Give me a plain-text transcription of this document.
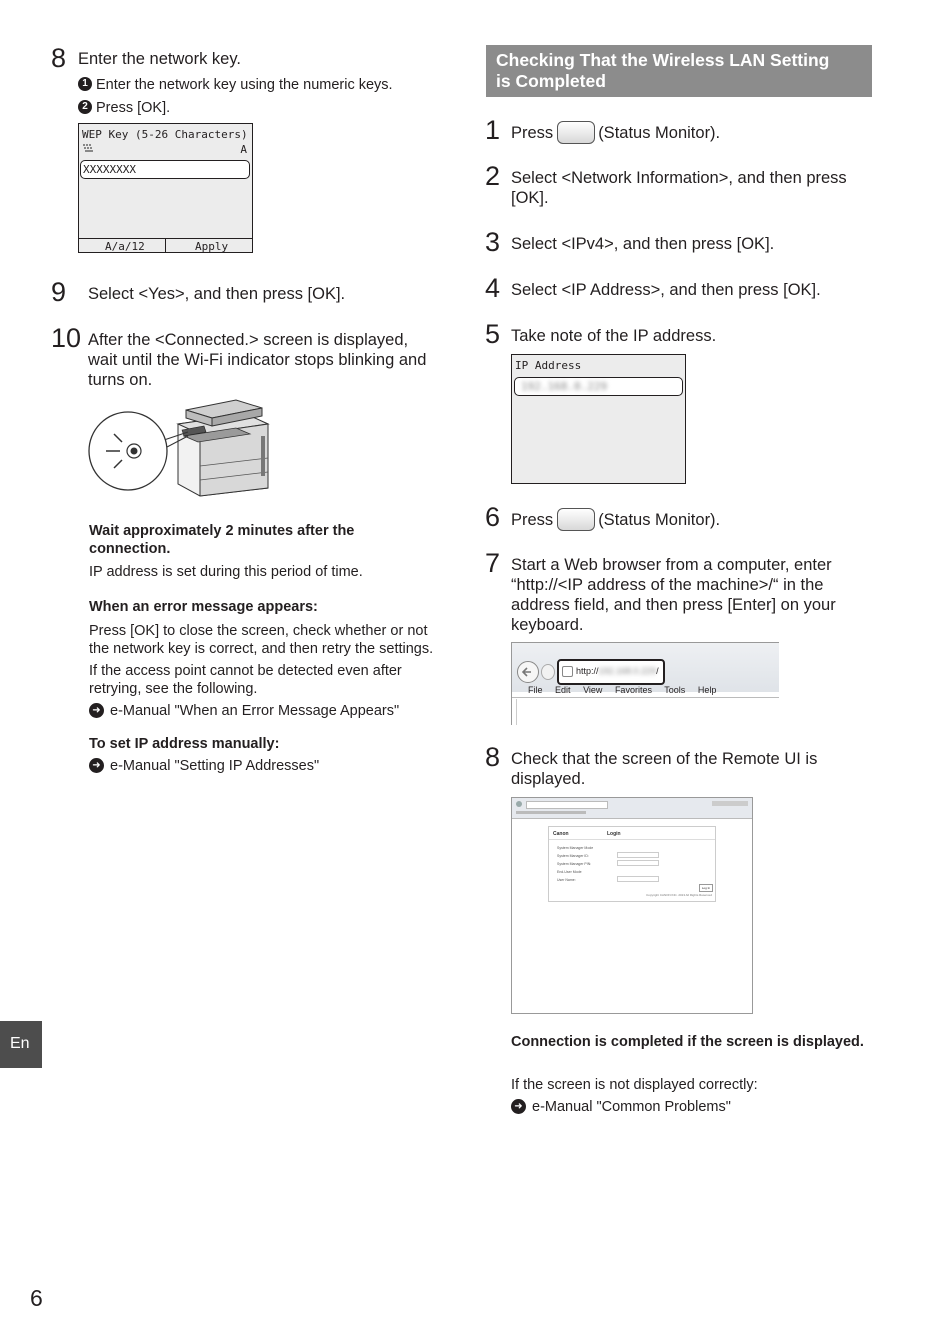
8 Enter the network key.
1 Enter the network key using the numeric keys.
2 Press [OK].
WEP Key (5-26 Characters)
A
XXXXXXXX
A/a/12	Apply
9 Select <Yes>, and then press [OK].
10 After the <Connected.> screen is displayed,
wait until the Wi-Fi indicator stops blinking and
turns on.
Wait approximately 2 minutes after the
connection.
IP address is set during this period of time.
When an error message appears:
Press [OK] to close the screen, check whether or not
the network key is correct, and then retry the settings.
If the access point cannot be detected even after
retrying, see the following.
➜ e-Manual "When an Error Message Appears"
To set IP address manually:
➜ e-Manual "Setting IP Addresses"
En
6
Checking That the Wireless LAN Setting
is Completed
1 Press	(Status Monitor).
2 Select <Network Information>, and then press
[OK].
3 Select <IPv4>, and then press [OK].
4 Select <IP Address>, and then press [OK].
5 Take note of the IP address.
IP Address
192.168.0.229
6 Press	(Status Monitor).
7 Start a Web browser from a computer, enter
“http://<IP address of the machine>/“ in the
address field, and then press [Enter] on your
keyboard.
http://192.168.0.229/
File Edit View Favorites Tools Help
8 Check that the screen of the Remote UI is
displayed.
Canon	Login
System Manager Mode
System Manager ID:
System Manager PIN:
End-User Mode
User Name:
Log In
Copyright CANON INC. 2013 All Rights Reserved
Connection is completed if the screen is displayed.
If the screen is not displayed correctly:
➜ e-Manual "Common Problems"
